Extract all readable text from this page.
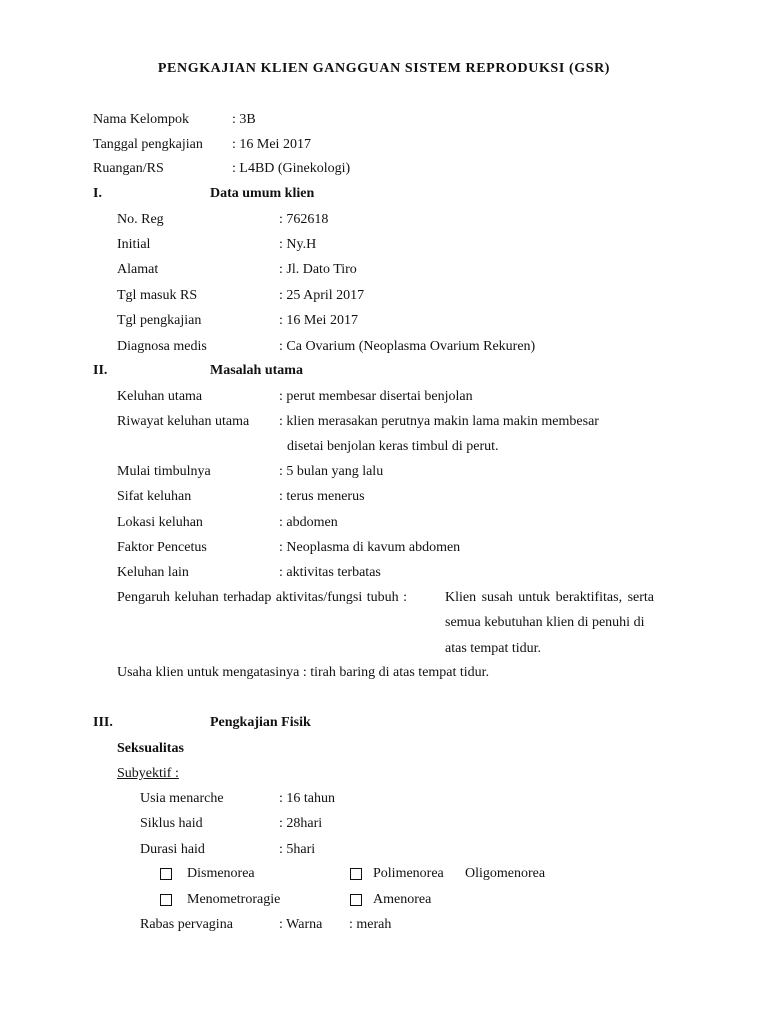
PENGKAJIAN KLIEN GANGGUAN SISTEM REPRODUKSI (GSR)
Nama Kelompok	: 3B
Tanggal pengkajian : 16 Mei 2017
Ruangan/RS	: L4BD (Ginekologi)
I.	Data umum klien
No. Reg	: 762618
Initial	: Ny.H
Alamat	: Jl. Dato Tiro
Tgl masuk RS	: 25 April 2017
Tgl pengkajian	: 16 Mei 2017
Diagnosa medis	: Ca Ovarium (Neoplasma Ovarium Rekuren)
II.	Masalah utama
Keluhan utama	: perut membesar disertai benjolan
Riwayat keluhan utama : klien merasakan perutnya makin lama makin membesar
disetai benjolan keras timbul di perut.
Mulai timbulnya	: 5 bulan yang lalu
Sifat keluhan	: terus menerus
Lokasi keluhan	: abdomen
Faktor Pencetus	: Neoplasma di kavum abdomen
Keluhan lain	: aktivitas terbatas
Pengaruh keluhan terhadap aktivitas/fungsi tubuh :	Klien susah untuk beraktifitas, serta
semua kebutuhan klien di penuhi di
atas tempat tidur.
Usaha klien untuk mengatasinya : tirah baring di atas tempat tidur.
III.	Pengkajian Fisik
Seksualitas
Subyektif :
Usia menarche	: 16 tahun
Siklus haid	: 28hari
Durasi haid	: 5hari
Dismenorea	Polimenorea Oligomenorea
Menometroragie	Amenorea
Rabas pervagina	: Warna : merah
